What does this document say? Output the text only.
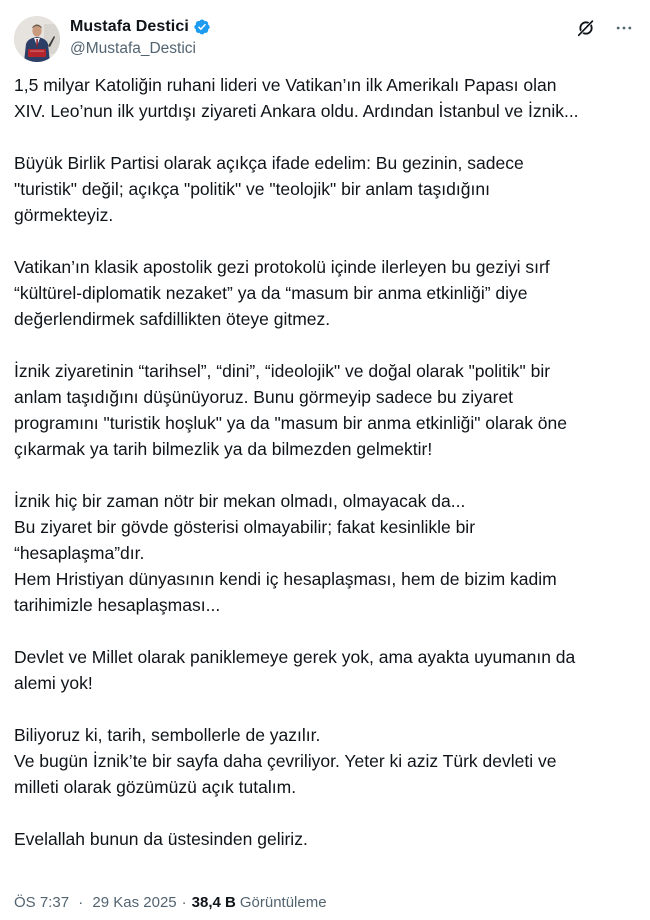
Mustafa Destici
@Mustafa_Destici
1,5 milyar Katoliğin ruhani lideri ve Vatikan’ın ilk Amerikalı Papası olan
XIV. Leo’nun ilk yurtdışı ziyareti Ankara oldu. Ardından İstanbul ve İznik...
Büyük Birlik Partisi olarak açıkça ifade edelim: Bu gezinin, sadece
"turistik" değil; açıkça "politik" ve "teolojik" bir anlam taşıdığını
görmekteyiz.
Vatikan’ın klasik apostolik gezi protokolü içinde ilerleyen bu geziyi sırf
“kültürel-diplomatik nezaket” ya da “masum bir anma etkinliği” diye
değerlendirmek safdillikten öteye gitmez.
İznik ziyaretinin “tarihsel”, “dini”, “ideolojik" ve doğal olarak "politik" bir
anlam taşıdığını düşünüyoruz. Bunu görmeyip sadece bu ziyaret
programını "turistik hoşluk" ya da "masum bir anma etkinliği" olarak öne
çıkarmak ya tarih bilmezlik ya da bilmezden gelmektir!
İznik hiç bir zaman nötr bir mekan olmadı, olmayacak da...
Bu ziyaret bir gövde gösterisi olmayabilir; fakat kesinlikle bir
“hesaplaşma”dır.
Hem Hristiyan dünyasının kendi iç hesaplaşması, hem de bizim kadim
tarihimizle hesaplaşması...
Devlet ve Millet olarak paniklemeye gerek yok, ama ayakta uyumanın da
alemi yok!
Biliyoruz ki, tarih, sembollerle de yazılır.
Ve bugün İznik’te bir sayfa daha çevriliyor. Yeter ki aziz Türk devleti ve
milleti olarak gözümüzü açık tutalım.
Evelallah bunun da üstesinden geliriz.
ÖS 7:37 · 29 Kas 2025 · 38,4 B Görüntüleme
